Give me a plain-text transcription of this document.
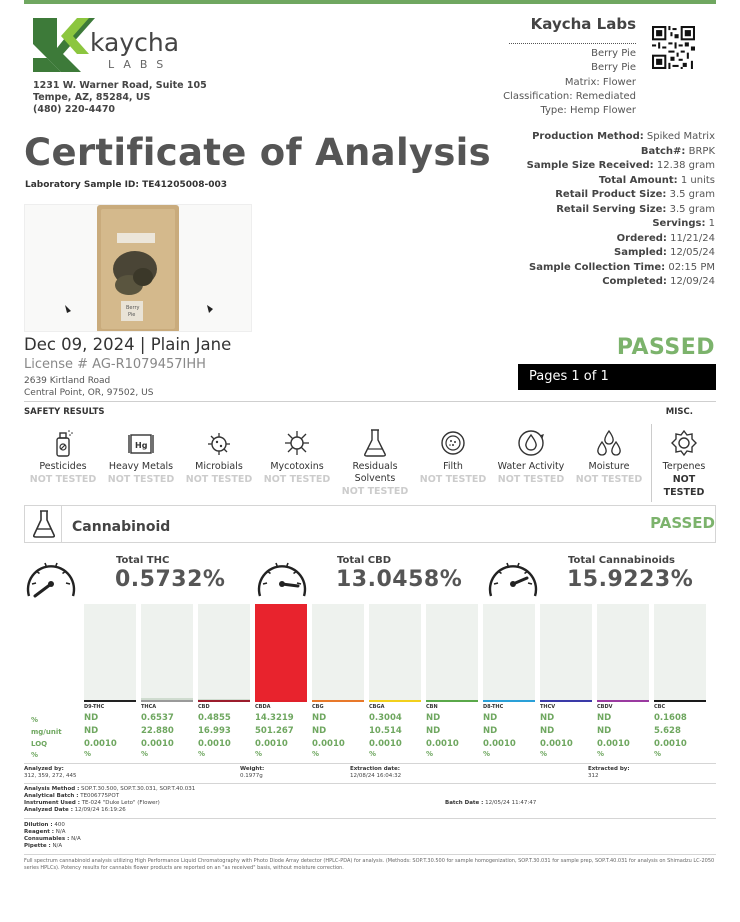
kaycha
LABS
1231 W. Warner Road, Suite 105
Tempe, AZ, 85284, US
(480) 220-4470
Certificate of Analysis
Laboratory Sample ID: TE41205008-003
Berry
Pie
Kaycha Labs
Berry Pie
Berry Pie
Matrix: Flower
Classification: Remediated
Type: Hemp Flower
Production Method: Spiked Matrix
Batch#: BRPK
Sample Size Received: 12.38 gram
Total Amount: 1 units
Retail Product Size: 3.5 gram
Retail Serving Size: 3.5 gram
Servings: 1
Ordered: 11/21/24
Sampled: 12/05/24
Sample Collection Time: 02:15 PM
Completed: 12/09/24
Dec 09, 2024 | Plain Jane
License # AG-R1079457IHH
2639 Kirtland Road
Central Point, OR, 97502, US
PASSED
Pages 1 of 1
SAFETY RESULTS	MISC.
Pesticides
NOT TESTED
Hg
Heavy Metals
NOT TESTED
Microbials
NOT TESTED
Mycotoxins
NOT TESTED
Residuals
Solvents
NOT TESTED
Filth
NOT TESTED
Water Activity
NOT TESTED
Moisture
NOT TESTED
Terpenes
NOT
TESTED
Cannabinoid	PASSED
Total THC
0.5732%
Total CBD
13.0458%
Total Cannabinoids
15.9223%
D9-THC	THCA	CBD	CBDA	CBG	CBGA	CBN	D8-THC	THCV	CBDV	CBC
%
mg/unit
LOQ
ND	0.6537	0.4855	14.3219 ND	0.3004	ND	ND	ND	ND	0.1608
ND	22.880	16.993	501.267 ND	10.514	ND	ND	ND	ND	5.628
0.0010	0.0010	0.0010	0.0010	0.0010	0.0010	0.0010	0.0010	0.0010	0.0010	0.0010
%	%	%	%	%	%	%	%	%	%	%
%
Analyzed by:
312, 359, 272, 445
Weight:
0.1977g
Extraction date:
12/08/24 16:04:32
Extracted by:
312
Analysis Method : SOP.T.30.500, SOP.T.30.031, SOP.T.40.031
Analytical Batch : TE006775POT
Instrument Used : TE-024 "Duke Leto" (Flower)
Analyzed Date : 12/09/24 16:19:26
Batch Date : 12/05/24 11:47:47
Dilution : 400
Reagent : N/A
Consumables : N/A
Pipette : N/A
Full spectrum cannabinoid analysis utilizing High Performance Liquid Chromatography with Photo Diode Array detector (HPLC-PDA) for analysis. (Methods: SOP.T.30.500 for sample homogenization, SOP.T.30.031 for sample prep, SOP.T.40.031 for analysis on Shimadzu LC-2050 series HPLCs). Potency results for cannabis flower products are reported on an "as received" basis, without moisture correction.
